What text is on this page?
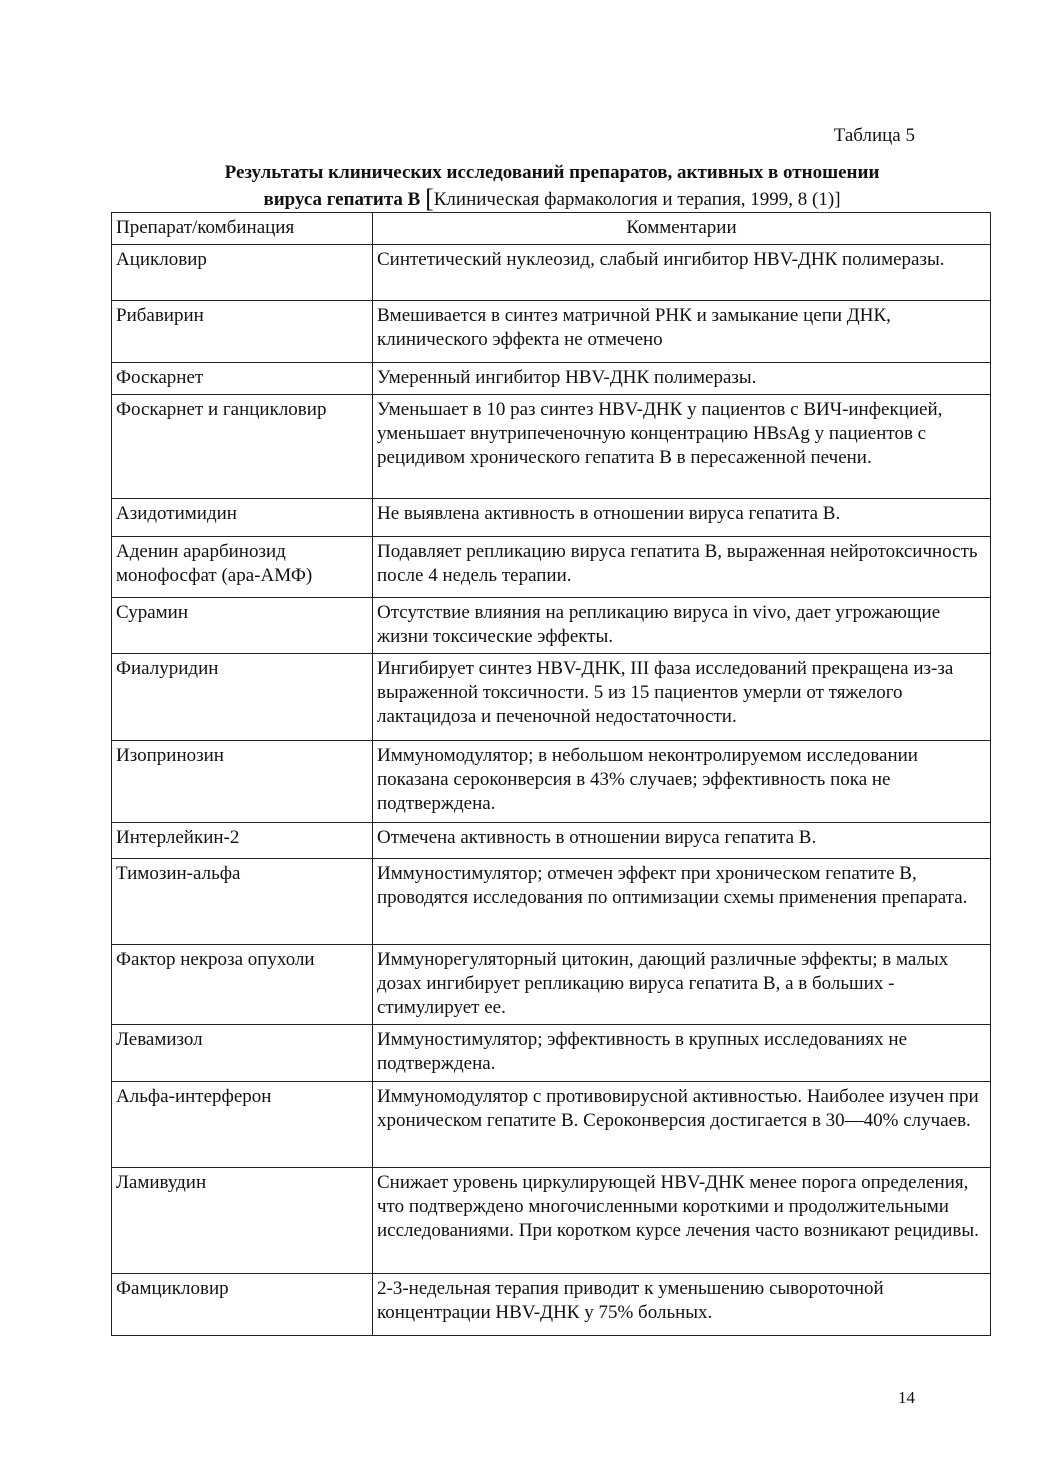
Таблица 5
Результаты клинических исследований препаратов, активных в отношении
вируса гепатита В [Клиническая фармакология и терапия, 1999, 8 (1)]
Препарат/комбинация	Комментарии
Ацикловир	Синтетический нуклеозид, слабый ингибитор HBV-ДНК полимеразы.
Рибавирин	Вмешивается в синтез матричной РНК и замыкание цепи ДНК, клинического эффекта не отмечено
Фоскарнет	Умеренный ингибитор HBV-ДНК полимеразы.
Фоскарнет и ганцикловир	Уменьшает в 10 раз синтез HBV-ДНК у пациентов с ВИЧ-инфекцией, уменьшает внутрипеченочную концентрацию HBsAg у пациентов с рецидивом хронического гепатита В в пересаженной печени.
Азидотимидин	Не выявлена активность в отношении вируса гепатита В.
Аденин арарбинозид монофосфат (ара-АМФ)	Подавляет репликацию вируса гепатита В, выраженная нейротоксичность после 4 недель терапии.
Сурамин	Отсутствие влияния на репликацию вируса in vivo, дает угрожающие жизни токсические эффекты.
Фиалуридин	Ингибирует синтез HBV-ДНК, III фаза исследований прекращена из-за выраженной токсичности. 5 из 15 пациентов умерли от тяжелого лактацидоза и печеночной недостаточности.
Изопринозин	Иммуномодулятор; в небольшом неконтролируемом исследовании показана сероконверсия в 43% случаев; эффективность пока не подтверждена.
Интерлейкин-2	Отмечена активность в отношении вируса гепатита В.
Тимозин-альфа	Иммуностимулятор; отмечен эффект при хроническом гепатите В, проводятся исследования по оптимизации схемы применения препарата.
Фактор некроза опухоли	Иммунорегуляторный цитокин, дающий различные эффекты; в малых дозах ингибирует репликацию вируса гепатита В, а в больших - стимулирует ее.
Левамизол	Иммуностимулятор; эффективность в крупных исследованиях не подтверждена.
Альфа-интерферон	Иммуномодулятор с противовирусной активностью. Наиболее изучен при хроническом гепатите В. Сероконверсия достигается в 30—40% случаев.
Ламивудин	Снижает уровень циркулирующей HBV-ДНК менее порога определения, что подтверждено многочисленными короткими и продолжительными исследованиями. При коротком курсе лечения часто возникают рецидивы.
Фамцикловир	2-3-недельная терапия приводит к уменьшению сывороточной концентрации HBV-ДНК у 75% больных.
14
